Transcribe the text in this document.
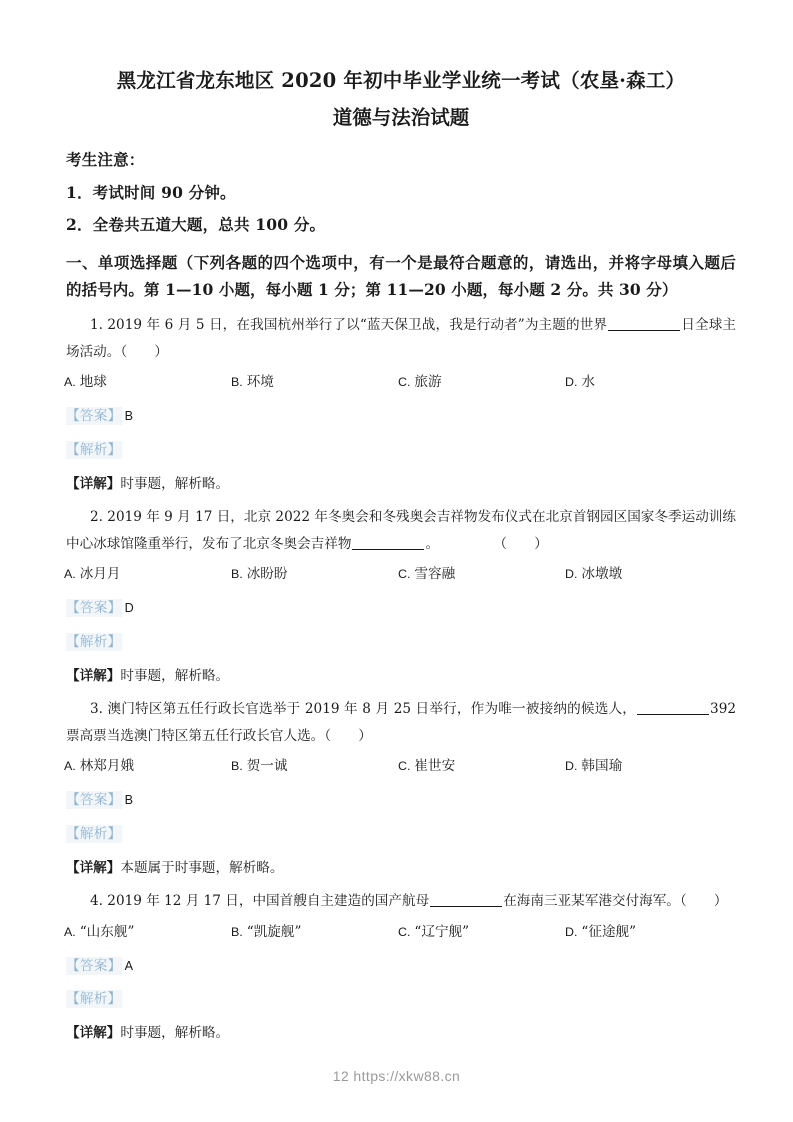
黑龙江省龙东地区 2020 年初中毕业学业统一考试（农垦·森工）
道德与法治试题
考生注意：
1．考试时间 90 分钟。
2．全卷共五道大题，总共 100 分。
一、单项选择题（下列各题的四个选项中，有一个是最符合题意的，请选出，并将字母填入题后的括号内。第 1—10 小题，每小题 1 分；第 11—20 小题，每小题 2 分。共 30 分）

1. 2019 年 6 月 5 日，在我国杭州举行了以“蓝天保卫战，我是行动者”为主题的世界	日全球主场活动。（　　）

A. 地球	B. 环境	C. 旅游	D. 水
【答案】 B
【解析】
【详解】时事题，解析略。

2. 2019 年 9 月 17 日，北京 2022 年冬奥会和冬残奥会吉祥物发布仪式在北京首钢园区国家冬季运动训练中心冰球馆隆重举行，发布了北京冬奥会吉祥物	。　　　　　（　　）

A. 冰月月	B. 冰盼盼	C. 雪容融	D. 冰墩墩
【答案】 D
【解析】
【详解】时事题，解析略。

3. 澳门特区第五任行政长官选举于 2019 年 8 月 25 日举行，作为唯一被接纳的候选人，	392 票高票当选澳门特区第五任行政长官人选。（　　）

A. 林郑月娥	B. 贺一诚	C. 崔世安	D. 韩国瑜
【答案】 B
【解析】
【详解】本题属于时事题，解析略。

4. 2019 年 12 月 17 日，中国首艘自主建造的国产航母	在海南三亚某军港交付海军。（　　）

A. “山东舰”	B. “凯旋舰”	C. “辽宁舰”	D. “征途舰”
【答案】 A
【解析】
【详解】时事题，解析略。
12 https://xkw88.cn
